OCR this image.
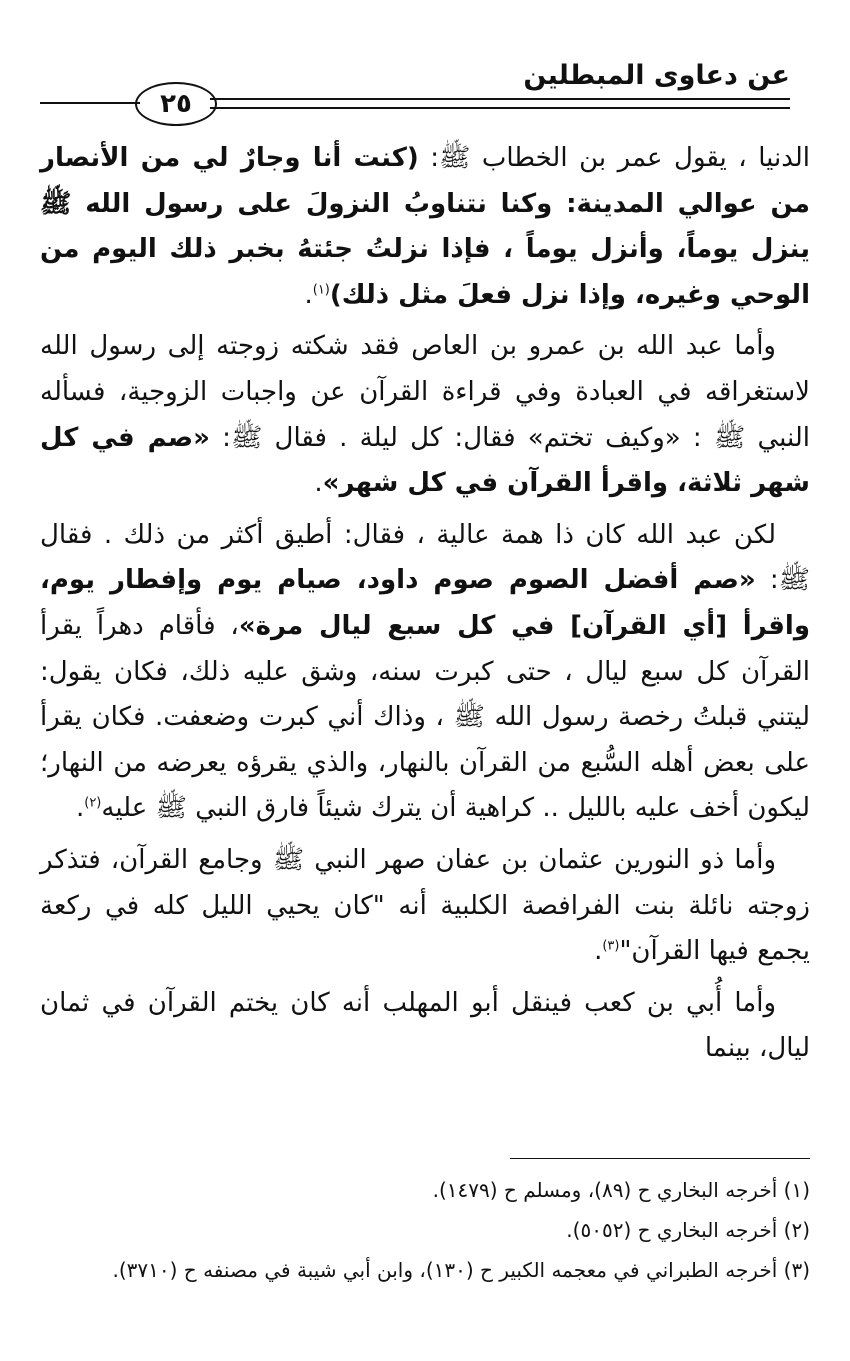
عن دعاوى المبطلين
٢٥

الدنيا ، يقول عمر بن الخطاب ﷺ: (كنت أنا وجارٌ لي من الأنصار من عوالي المدينة: وكنا نتناوبُ النزولَ على رسول الله ﷺ ينزل يوماً، وأنزل يوماً ، فإذا نزلتُ جئتهُ بخبر ذلك اليوم من الوحي وغيره، وإذا نزل فعلَ مثل ذلك)$^{(١)}$.

وأما عبد الله بن عمرو بن العاص فقد شكته زوجته إلى رسول الله لاستغراقه في العبادة وفي قراءة القرآن عن واجبات الزوجية، فسأله النبي ﷺ : «وكيف تختم» فقال: كل ليلة . فقال ﷺ: «صم في كل شهر ثلاثة، واقرأ القرآن في كل شهر».

لكن عبد الله كان ذا همة عالية ، فقال: أطيق أكثر من ذلك . فقال ﷺ: «صم أفضل الصوم صوم داود، صيام يوم وإفطار يوم، واقرأ [أي القرآن] في كل سبع ليال مرة»، فأقام دهراً يقرأ القرآن كل سبع ليال ، حتى كبرت سنه، وشق عليه ذلك، فكان يقول: ليتني قبلتُ رخصة رسول الله ﷺ ، وذاك أني كبرت وضعفت. فكان يقرأ على بعض أهله السُّبع من القرآن بالنهار، والذي يقرؤه يعرضه من النهار؛ ليكون أخف عليه بالليل .. كراهية أن يترك شيئاً فارق النبي ﷺ عليه$^{(٢)}$.

وأما ذو النورين عثمان بن عفان صهر النبي ﷺ وجامع القرآن، فتذكر زوجته نائلة بنت الفرافصة الكلبية أنه "كان يحيي الليل كله في ركعة يجمع فيها القرآن"$^{(٣)}$.

وأما أُبي بن كعب فينقل أبو المهلب أنه كان يختم القرآن في ثمان ليال، بينما

(١) أخرجه البخاري ح (٨٩)، ومسلم ح (١٤٧٩).
(٢) أخرجه البخاري ح (٥٠٥٢).
(٣) أخرجه الطبراني في معجمه الكبير ح (١٣٠)، وابن أبي شيبة في مصنفه ح (٣٧١٠).
